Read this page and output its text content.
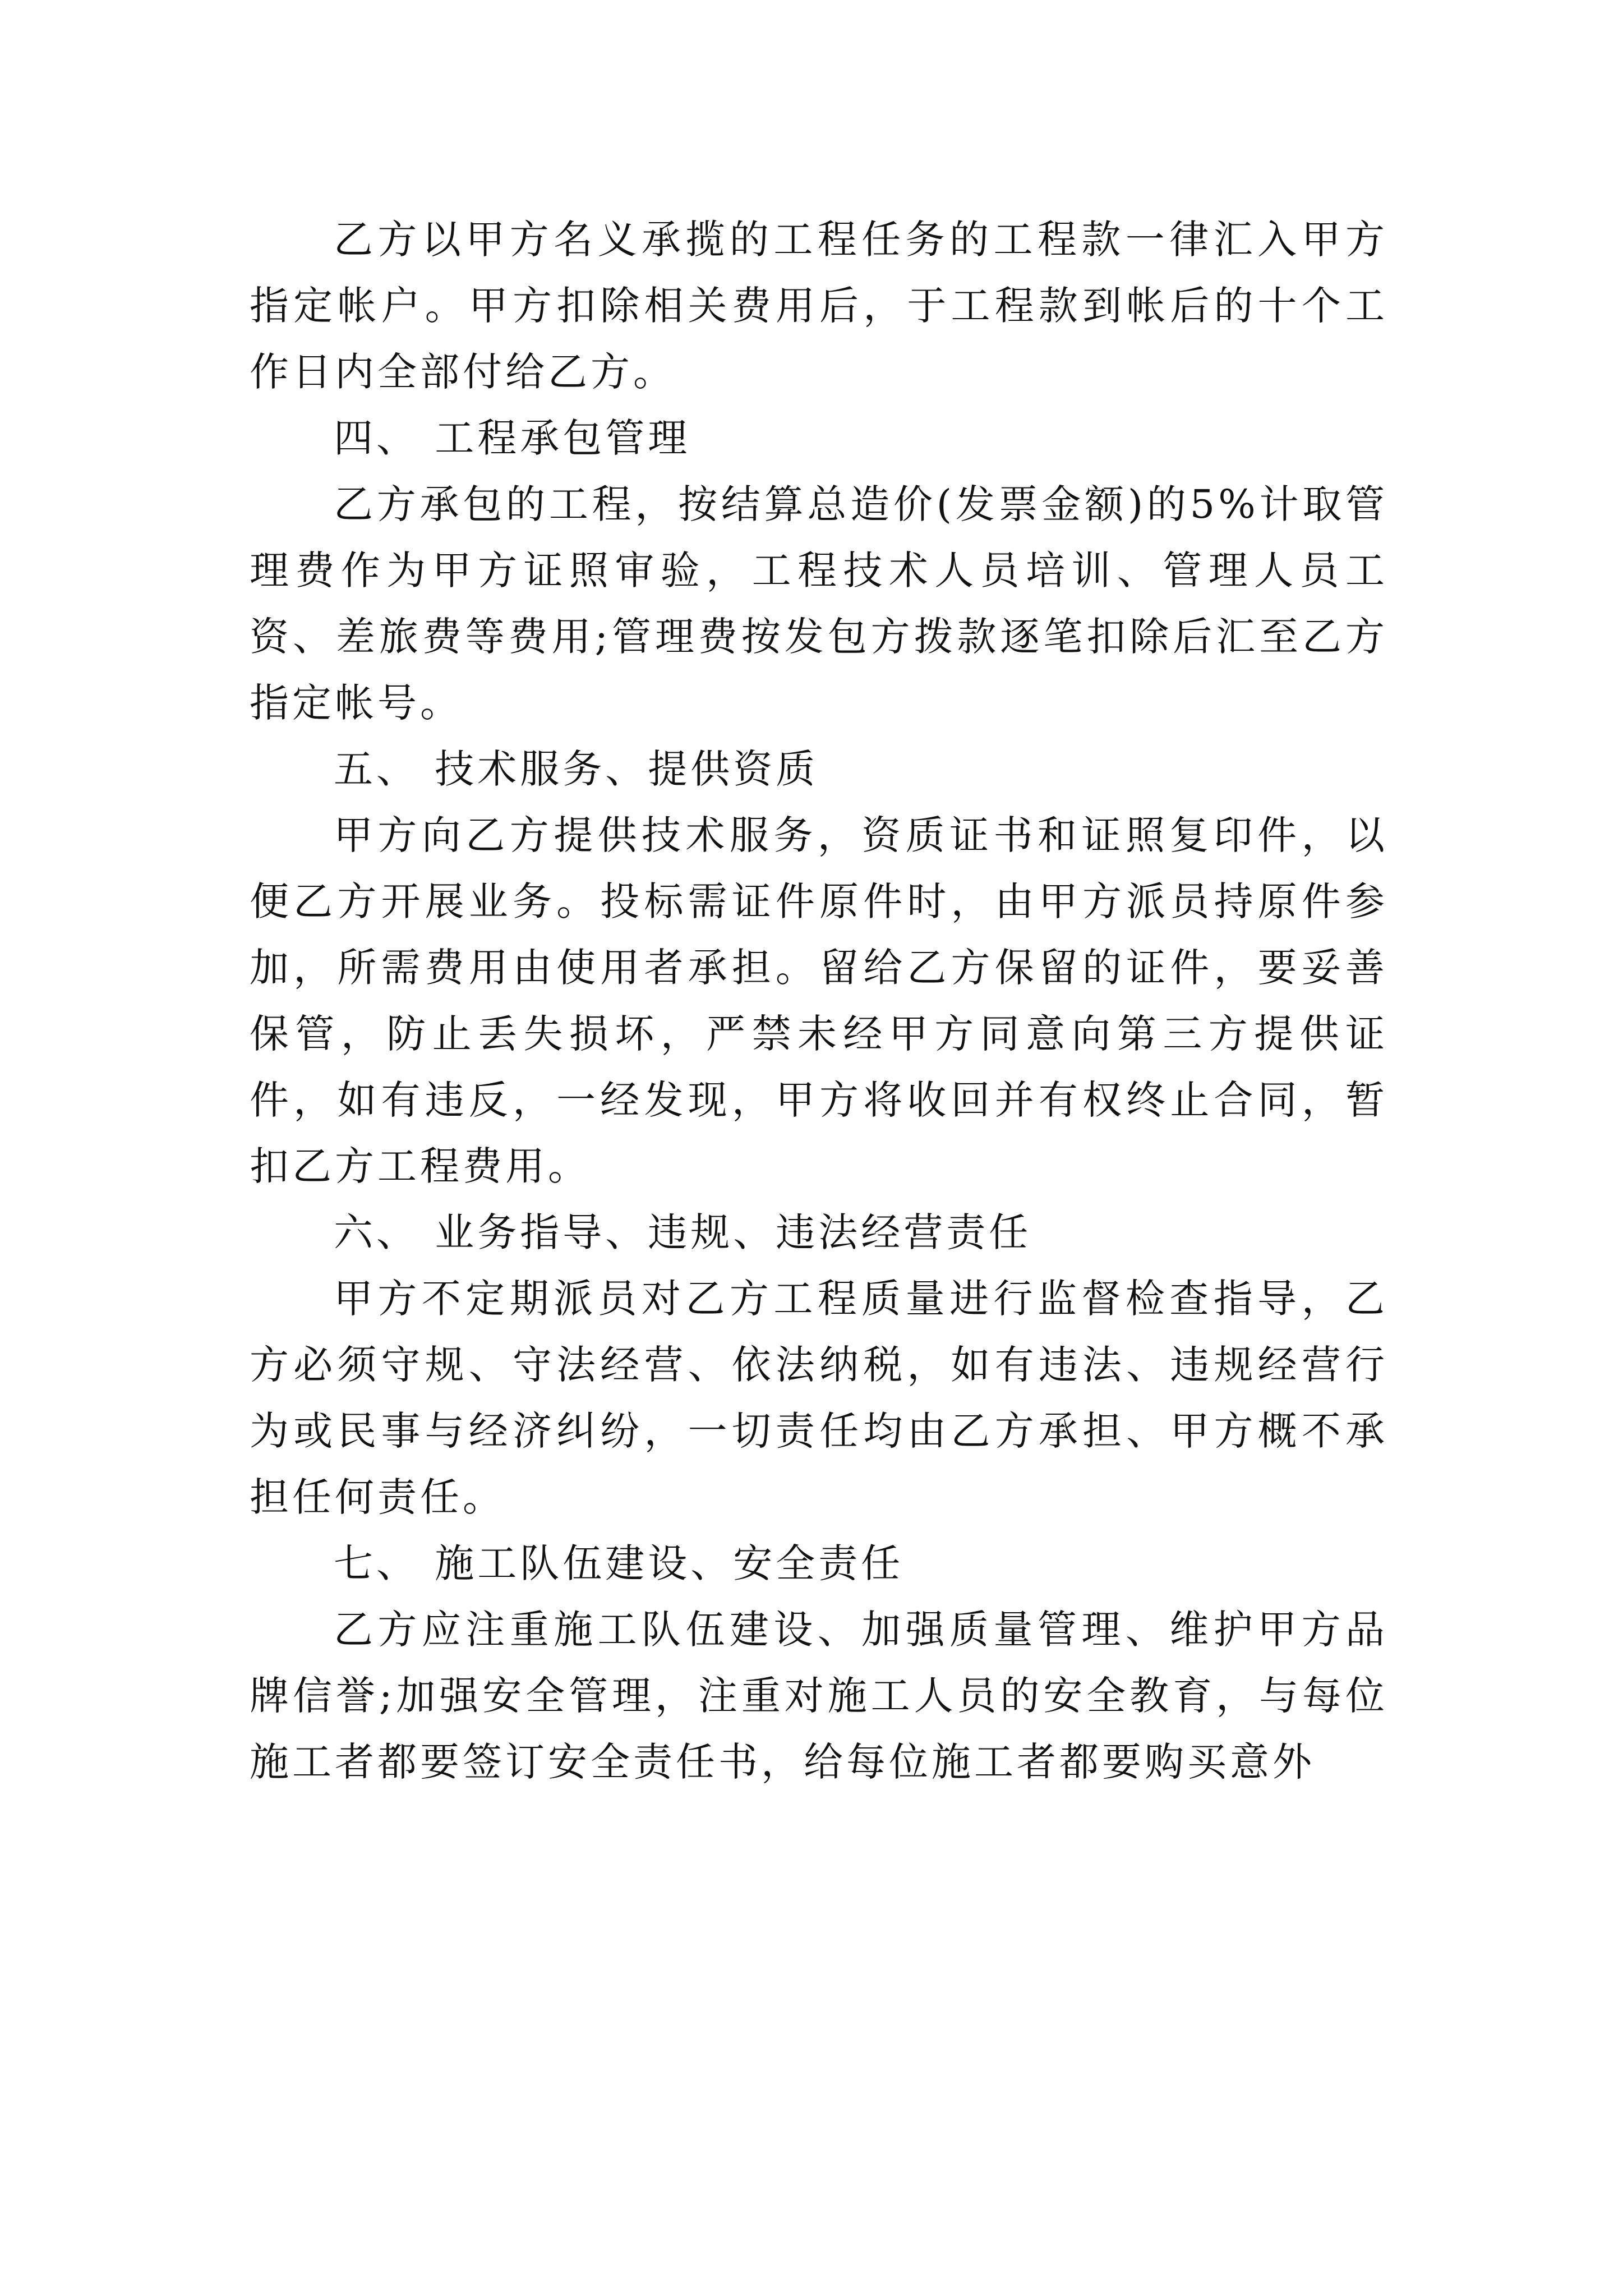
乙方以甲方名义承揽的工程任务的工程款一律汇入甲方指定帐户。甲方扣除相关费用后，于工程款到帐后的十个工作日内全部付给乙方。

四、 工程承包管理

乙方承包的工程，按结算总造价(发票金额)的5%计取管理费作为甲方证照审验，工程技术人员培训、管理人员工资、差旅费等费用;管理费按发包方拨款逐笔扣除后汇至乙方指定帐号。

五、 技术服务、提供资质

甲方向乙方提供技术服务，资质证书和证照复印件，以便乙方开展业务。投标需证件原件时，由甲方派员持原件参加，所需费用由使用者承担。留给乙方保留的证件，要妥善保管，防止丢失损坏，严禁未经甲方同意向第三方提供证件，如有违反，一经发现，甲方将收回并有权终止合同，暂扣乙方工程费用。

六、 业务指导、违规、违法经营责任

甲方不定期派员对乙方工程质量进行监督检查指导，乙方必须守规、守法经营、依法纳税，如有违法、违规经营行为或民事与经济纠纷，一切责任均由乙方承担、甲方概不承担任何责任。

七、 施工队伍建设、安全责任

乙方应注重施工队伍建设、加强质量管理、维护甲方品牌信誉;加强安全管理，注重对施工人员的安全教育，与每位施工者都要签订安全责任书，给每位施工者都要购买意外
